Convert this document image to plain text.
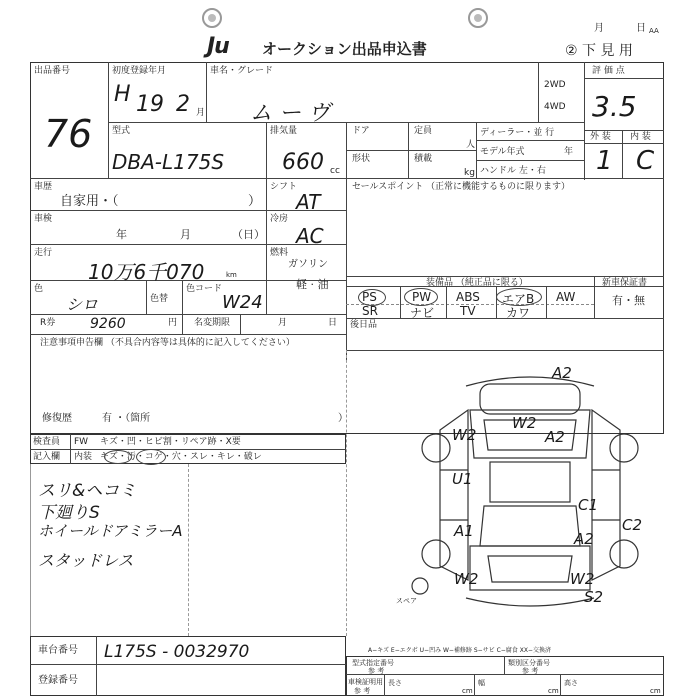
Ju オークション出品申込書
月	日 AA
② 下 見 用
出品番号
76
初度登録年月
H 19 2 月
車名・グレード
ム ー ヴ
2WD
4WD
評 価 点
3.5
外 装 内 装
1 C
型式
DBA‐L175S
排気量
660 cc
ドア	定員
人
形状	積載
kg
ディーラー・並 行
モデル年式	年
ハンドル 左・右
車歴
自家用・（	）
シフト
AT
セールスポイント （正常に機能するものに限ります）
車検
年	月	（日）
冷房
AC
走行
10万6千070	km
燃料
ガソリン
軽 · 油
色
シロ	色替
色コード
W24
装備品 （純正品に限る）	新車保証書
有・無
PS	PW ABS エアB AW
SR	ナビ TV	カワ
R券 9260	円 名変期限	月	日 後日品
注意事項申告欄 （不具合内容等は具体的に記入してください）
修復歴	有 ・（箇所	）
検査員 FW キズ・凹・ヒビ割・リペア跡・X要
記入欄 内装 キズ・汚・コゲ・穴・スレ・キレ・破レ
スリ&ヘコミ
下廻りS
ホイールドアミラーA
スタッドレス
A2
W2
A2
W2
U1
C1
A1	A2
C2
W2	W2
S2
スペア
A−キズ E−エクボ U−凹み W−補修跡 S−サビ C−腐食 XX−交換済
車台番号 L175S ‐ 0032970
登録番号
型式指定番号
参 考
類別区分番号
参 考
車検証明用
参 考
長さ
cm
幅
cm
高さ
cm
